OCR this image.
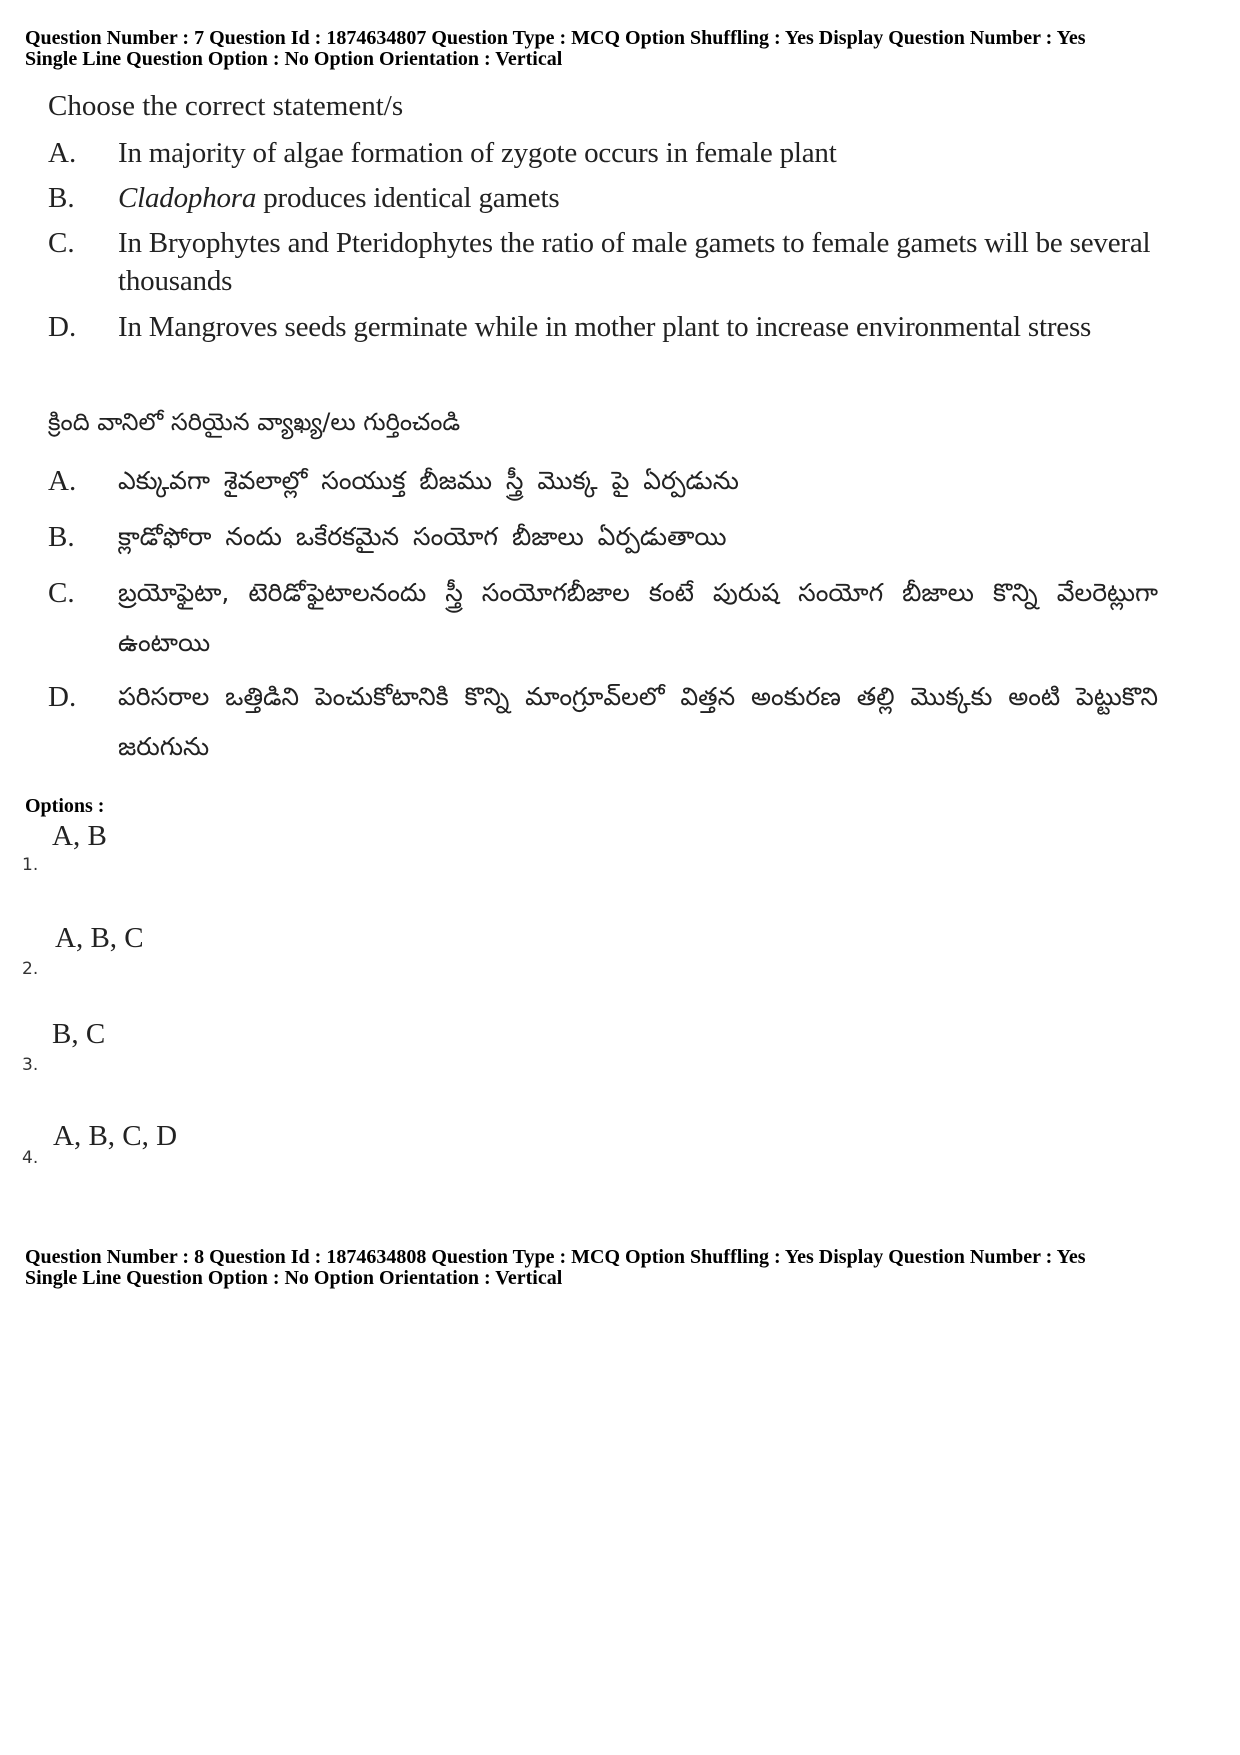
Question Number : 7 Question Id : 1874634807 Question Type : MCQ Option Shuffling : Yes Display Question Number : Yes
Single Line Question Option : No Option Orientation : Vertical
Choose the correct statement/s
A. In majority of algae formation of zygote occurs in female plant
B. Cladophora produces identical gamets
C. In Bryophytes and Pteridophytes the ratio of male gamets to female gamets will be several thousands
D. In Mangroves seeds germinate while in mother plant to increase environmental stress
క్రింది వానిలో సరియైన వ్యాఖ్య/లు గుర్తించండి
A. ఎక్కువగా శైవలాల్లో సంయుక్త బీజము స్త్రీ మొక్క పై ఏర్పడును
B. క్లాడోఫోరా నందు ఒకేరకమైన సంయోగ బీజాలు ఏర్పడుతాయి
C. బ్రయోఫైటా, టెరిడోఫైటాలనందు స్త్రీ సంయోగబీజాల కంటే పురుష సంయోగ బీజాలు కొన్ని వేలరెట్లుగా ఉంటాయి
D. పరిసరాల ఒత్తిడిని పెంచుకోటానికి కొన్ని మాంగ్రూవ్‌లలో విత్తన అంకురణ తల్లి మొక్కకు అంటి పెట్టుకొని జరుగును
Options :
1.
A, B
2.
A, B, C
3.
B, C
4.
A, B, C, D
Question Number : 8 Question Id : 1874634808 Question Type : MCQ Option Shuffling : Yes Display Question Number : Yes
Single Line Question Option : No Option Orientation : Vertical
